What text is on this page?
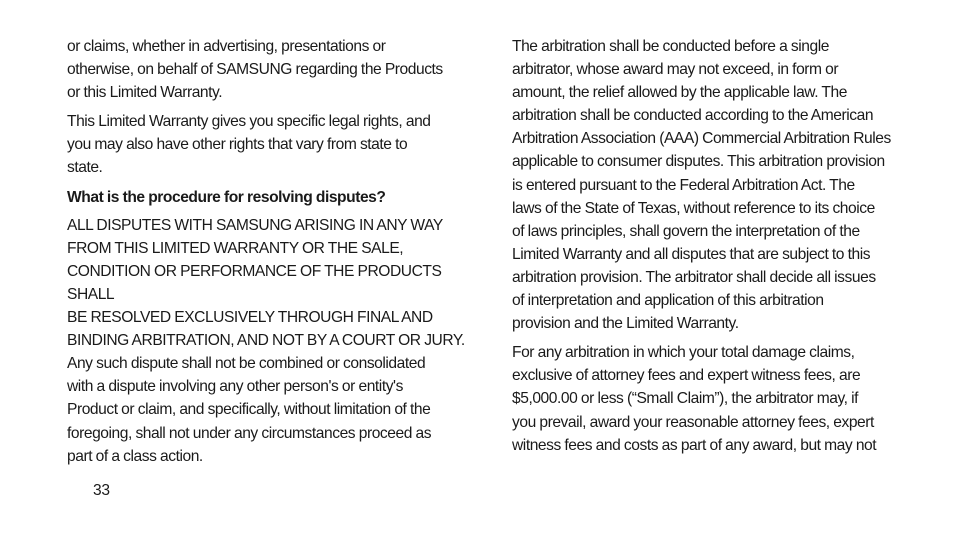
or claims, whether in advertising, presentations or
otherwise, on behalf of SAMSUNG regarding the Products
or this Limited Warranty.

This Limited Warranty gives you specific legal rights, and
you may also have other rights that vary from state to
state.

What is the procedure for resolving disputes?

ALL DISPUTES WITH SAMSUNG ARISING IN ANY WAY
FROM THIS LIMITED WARRANTY OR THE SALE,
CONDITION OR PERFORMANCE OF THE PRODUCTS SHALL
BE RESOLVED EXCLUSIVELY THROUGH FINAL AND
BINDING ARBITRATION, AND NOT BY A COURT OR JURY.
Any such dispute shall not be combined or consolidated
with a dispute involving any other person's or entity's
Product or claim, and specifically, without limitation of the
foregoing, shall not under any circumstances proceed as
part of a class action.

The arbitration shall be conducted before a single
arbitrator, whose award may not exceed, in form or
amount, the relief allowed by the applicable law. The
arbitration shall be conducted according to the American
Arbitration Association (AAA) Commercial Arbitration Rules
applicable to consumer disputes. This arbitration provision
is entered pursuant to the Federal Arbitration Act. The
laws of the State of Texas, without reference to its choice
of laws principles, shall govern the interpretation of the
Limited Warranty and all disputes that are subject to this
arbitration provision. The arbitrator shall decide all issues
of interpretation and application of this arbitration
provision and the Limited Warranty.

For any arbitration in which your total damage claims,
exclusive of attorney fees and expert witness fees, are
$5,000.00 or less (“Small Claim”), the arbitrator may, if
you prevail, award your reasonable attorney fees, expert
witness fees and costs as part of any award, but may not

33
